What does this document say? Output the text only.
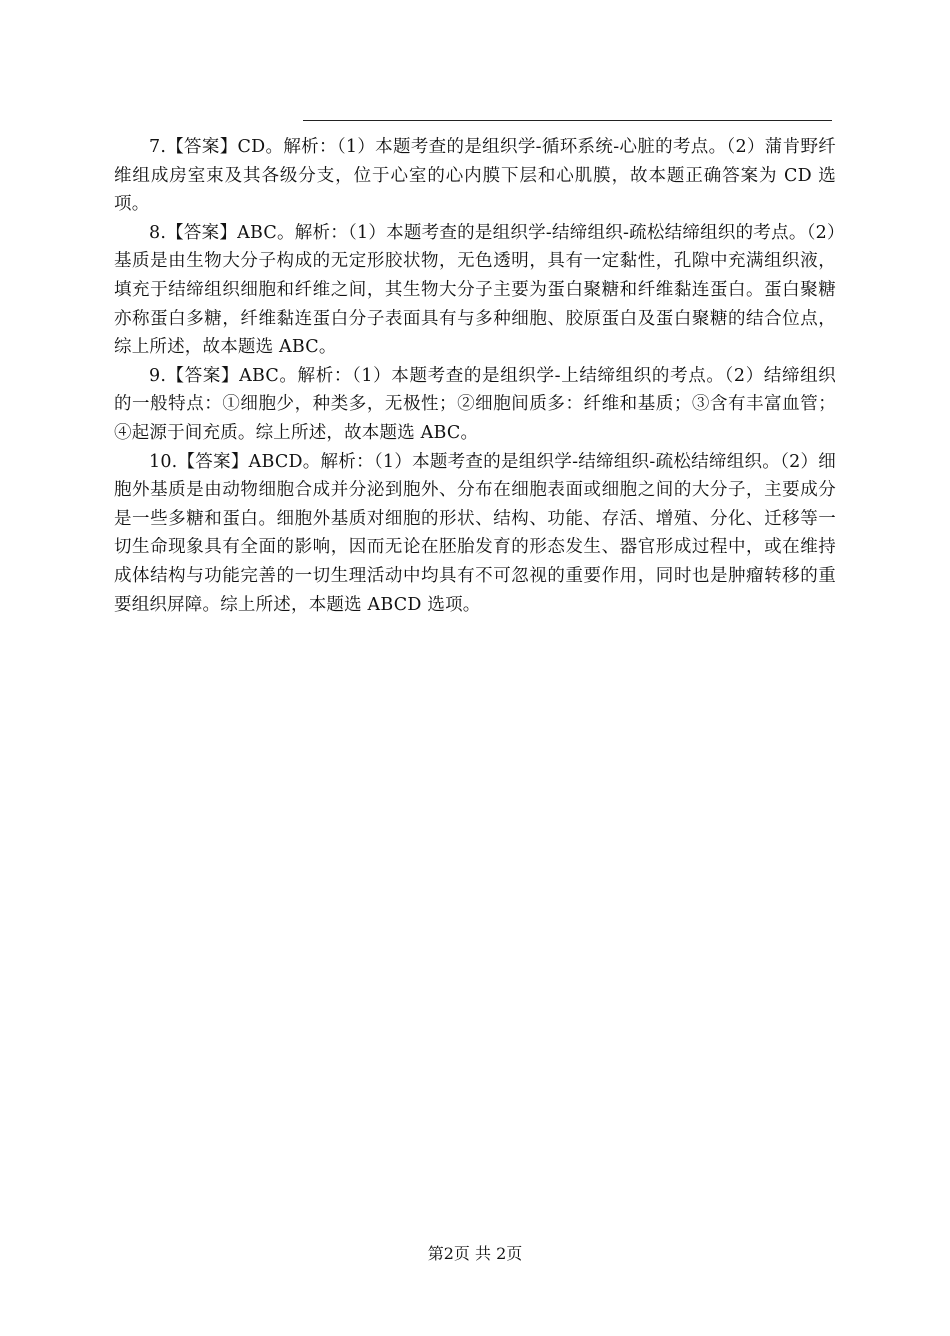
7.【答案】CD。解析：（1）本题考查的是组织学-循环系统-心脏的考点。（2）蒲肯野纤维组成房室束及其各级分支，位于心室的心内膜下层和心肌膜，故本题正确答案为 CD 选项。

8.【答案】ABC。解析：（1）本题考查的是组织学-结缔组织-疏松结缔组织的考点。（2）基质是由生物大分子构成的无定形胶状物，无色透明，具有一定黏性，孔隙中充满组织液，填充于结缔组织细胞和纤维之间，其生物大分子主要为蛋白聚糖和纤维黏连蛋白。蛋白聚糖亦称蛋白多糖，纤维黏连蛋白分子表面具有与多种细胞、胶原蛋白及蛋白聚糖的结合位点，综上所述，故本题选 ABC。

9.【答案】ABC。解析：（1）本题考查的是组织学-上结缔组织的考点。（2）结缔组织的一般特点：①细胞少，种类多，无极性；②细胞间质多：纤维和基质；③含有丰富血管；④起源于间充质。综上所述，故本题选 ABC。

10.【答案】ABCD。解析：（1）本题考查的是组织学-结缔组织-疏松结缔组织。（2）细胞外基质是由动物细胞合成并分泌到胞外、分布在细胞表面或细胞之间的大分子，主要成分是一些多糖和蛋白。细胞外基质对细胞的形状、结构、功能、存活、增殖、分化、迁移等一切生命现象具有全面的影响，因而无论在胚胎发育的形态发生、器官形成过程中，或在维持成体结构与功能完善的一切生理活动中均具有不可忽视的重要作用，同时也是肿瘤转移的重要组织屏障。综上所述，本题选 ABCD 选项。

第2页 共 2页
